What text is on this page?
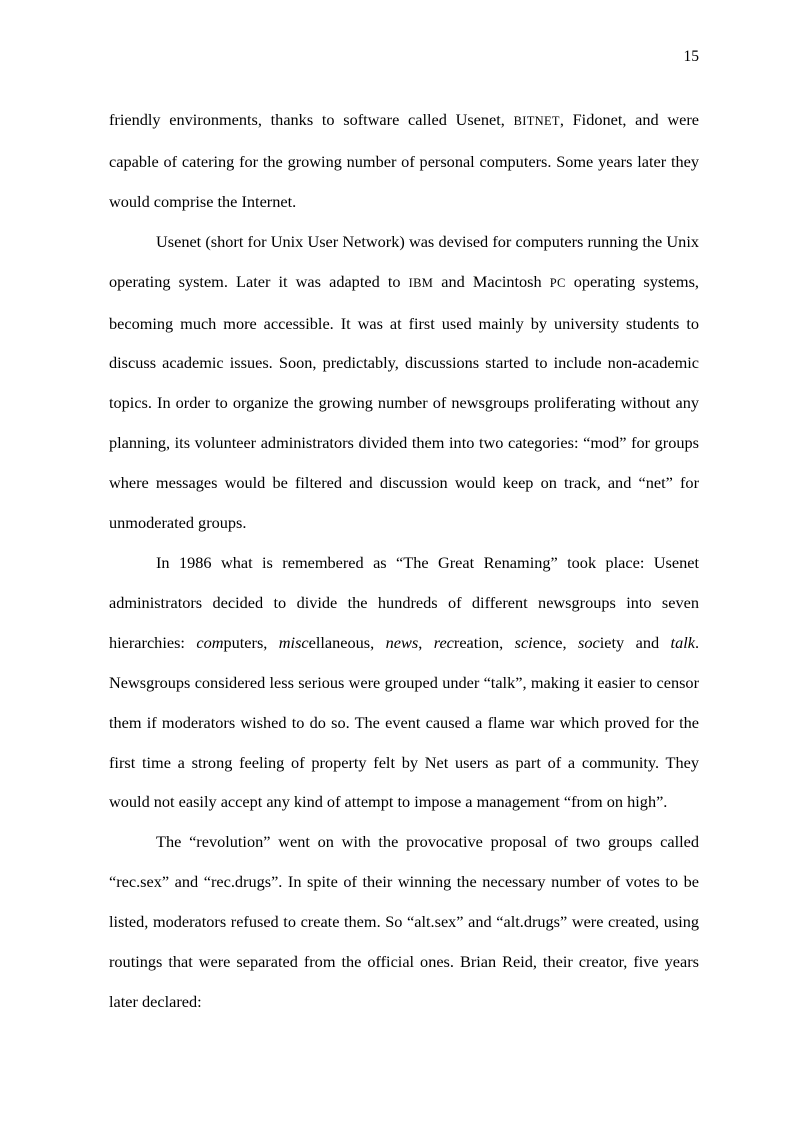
15

friendly environments, thanks to software called Usenet, BITNET, Fidonet, and were capable of catering for the growing number of personal computers. Some years later they would comprise the Internet.

Usenet (short for Unix User Network) was devised for computers running the Unix operating system. Later it was adapted to IBM and Macintosh PC operating systems, becoming much more accessible. It was at first used mainly by university students to discuss academic issues. Soon, predictably, discussions started to include non-academic topics. In order to organize the growing number of newsgroups proliferating without any planning, its volunteer administrators divided them into two categories: “mod” for groups where messages would be filtered and discussion would keep on track, and “net” for unmoderated groups.

In 1986 what is remembered as “The Great Renaming” took place: Usenet administrators decided to divide the hundreds of different newsgroups into seven hierarchies: computers, miscellaneous, news, recreation, science, society and talk. Newsgroups considered less serious were grouped under “talk”, making it easier to censor them if moderators wished to do so. The event caused a flame war which proved for the first time a strong feeling of property felt by Net users as part of a community. They would not easily accept any kind of attempt to impose a management “from on high”.

The “revolution” went on with the provocative proposal of two groups called “rec.sex” and “rec.drugs”. In spite of their winning the necessary number of votes to be listed, moderators refused to create them. So “alt.sex” and “alt.drugs” were created, using routings that were separated from the official ones. Brian Reid, their creator, five years later declared:
